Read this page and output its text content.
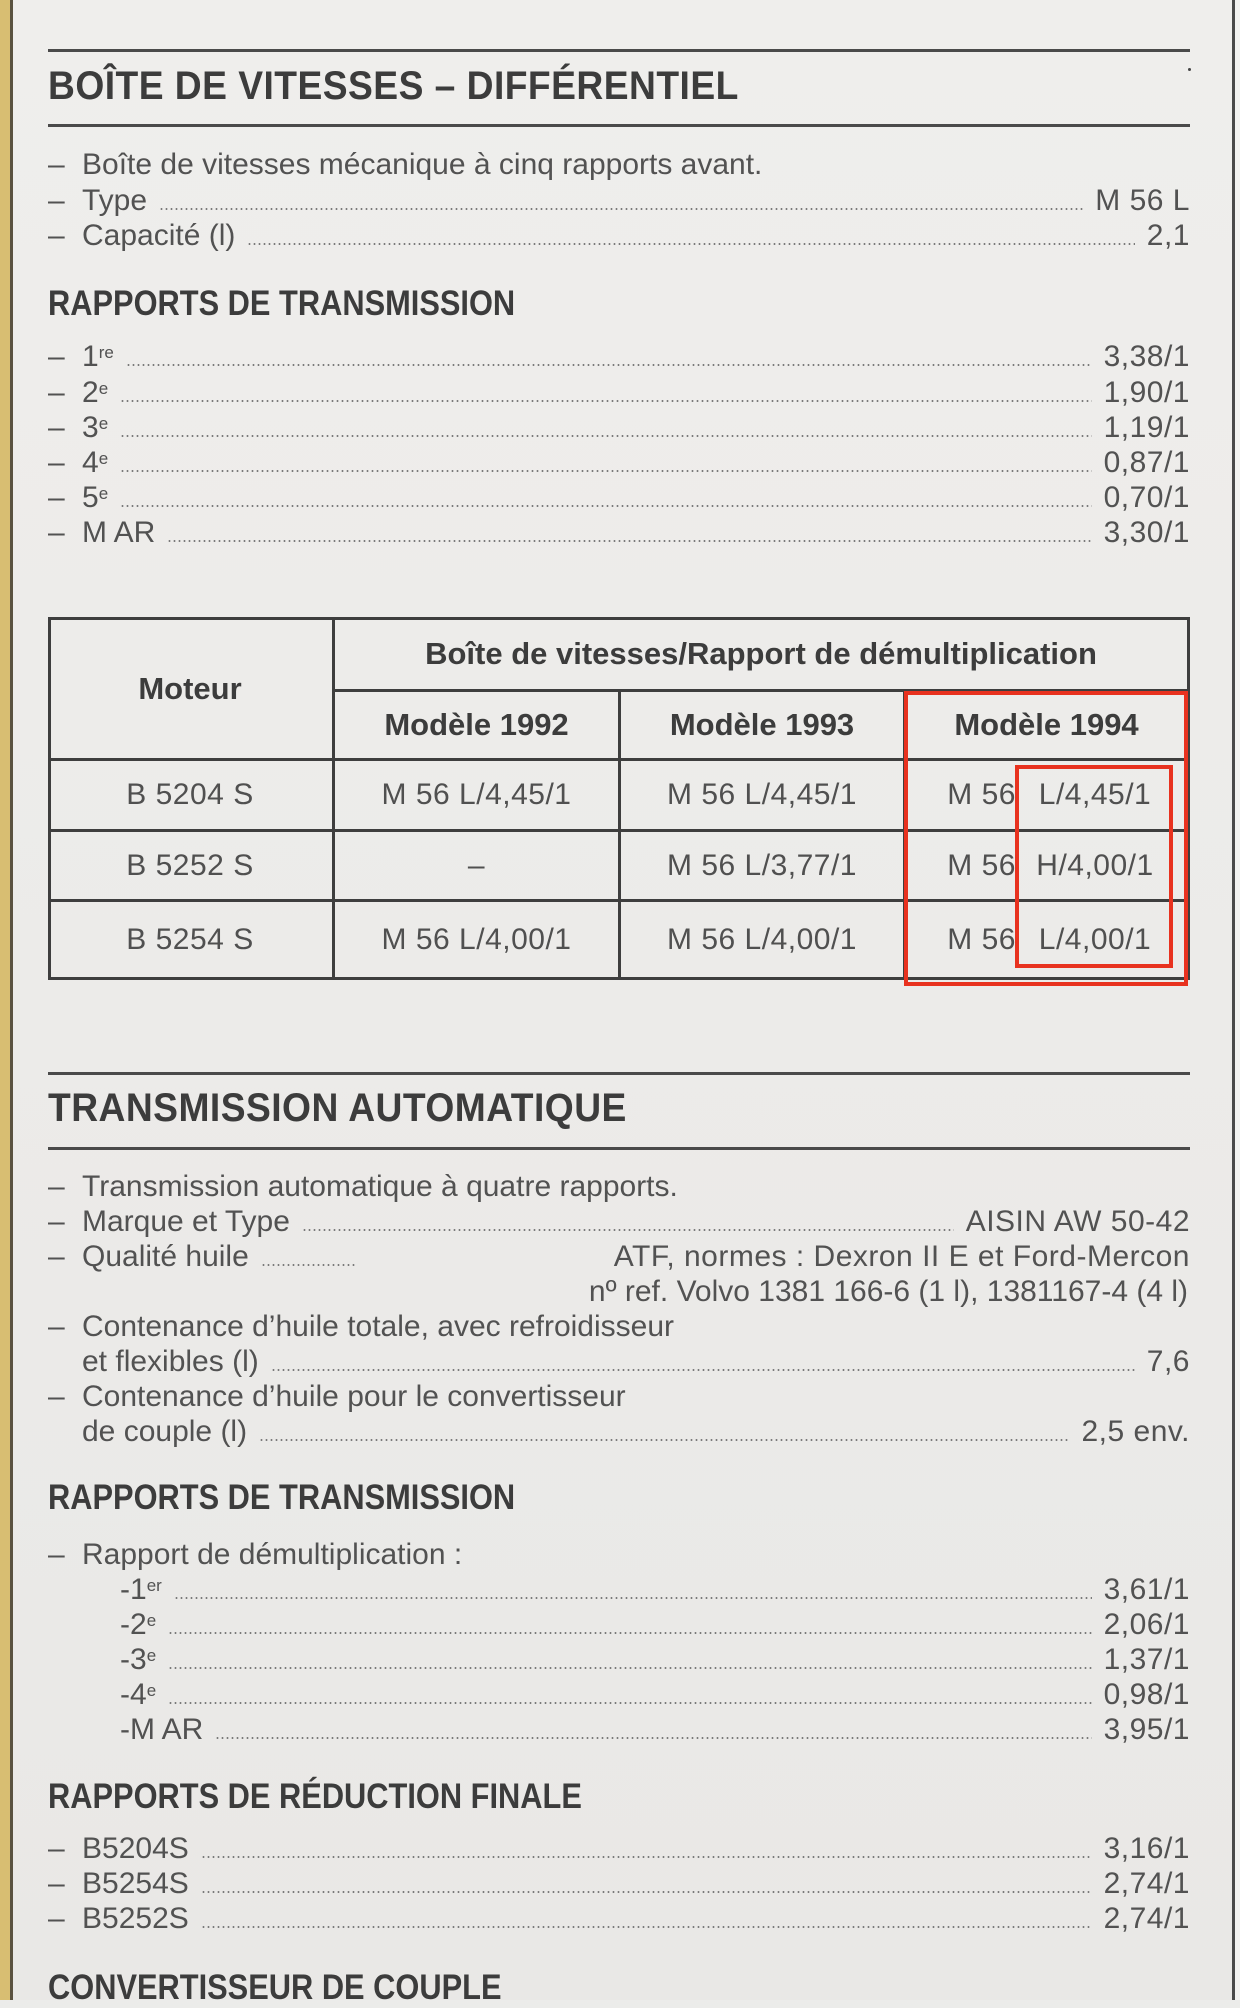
BOÎTE DE VITESSES – DIFFÉRENTIEL
– Boîte de vitesses mécanique à cinq rapports avant.
– Type	M 56 L
– Capacité (l)	2,1
RAPPORTS DE TRANSMISSION
– 1re	3,38/1
– 2e	1,90/1
– 3e	1,19/1
– 4e	0,87/1
– 5e	0,70/1
– M AR	3,30/1
Moteur
Boîte de vitesses/Rapport de démultiplication
Modèle 1992	Modèle 1993	Modèle 1994
B 5204 S	M 56 L/4,45/1	M 56 L/4,45/1	M 56 L/4,45/1
B 5252 S	–	M 56 L/3,77/1	M 56 H/4,00/1
B 5254 S	M 56 L/4,00/1	M 56 L/4,00/1	M 56 L/4,00/1
TRANSMISSION AUTOMATIQUE
– Transmission automatique à quatre rapports.
– Marque et Type	AISIN AW 50-42
– Qualité huile	ATF, normes : Dexron II E et Ford-Mercon
nº ref. Volvo 1381 166-6 (1 l), 1381167-4 (4 l)
– Contenance d’huile totale, avec refroidisseur
et flexibles (l)	7,6
– Contenance d’huile pour le convertisseur
de couple (l)	2,5 env.
RAPPORTS DE TRANSMISSION
– Rapport de démultiplication :
- 1er	3,61/1
- 2e	2,06/1
- 3e	1,37/1
- 4e	0,98/1
- M AR	3,95/1
RAPPORTS DE RÉDUCTION FINALE
– B5204S	3,16/1
– B5254S	2,74/1
– B5252S	2,74/1
CONVERTISSEUR DE COUPLE
